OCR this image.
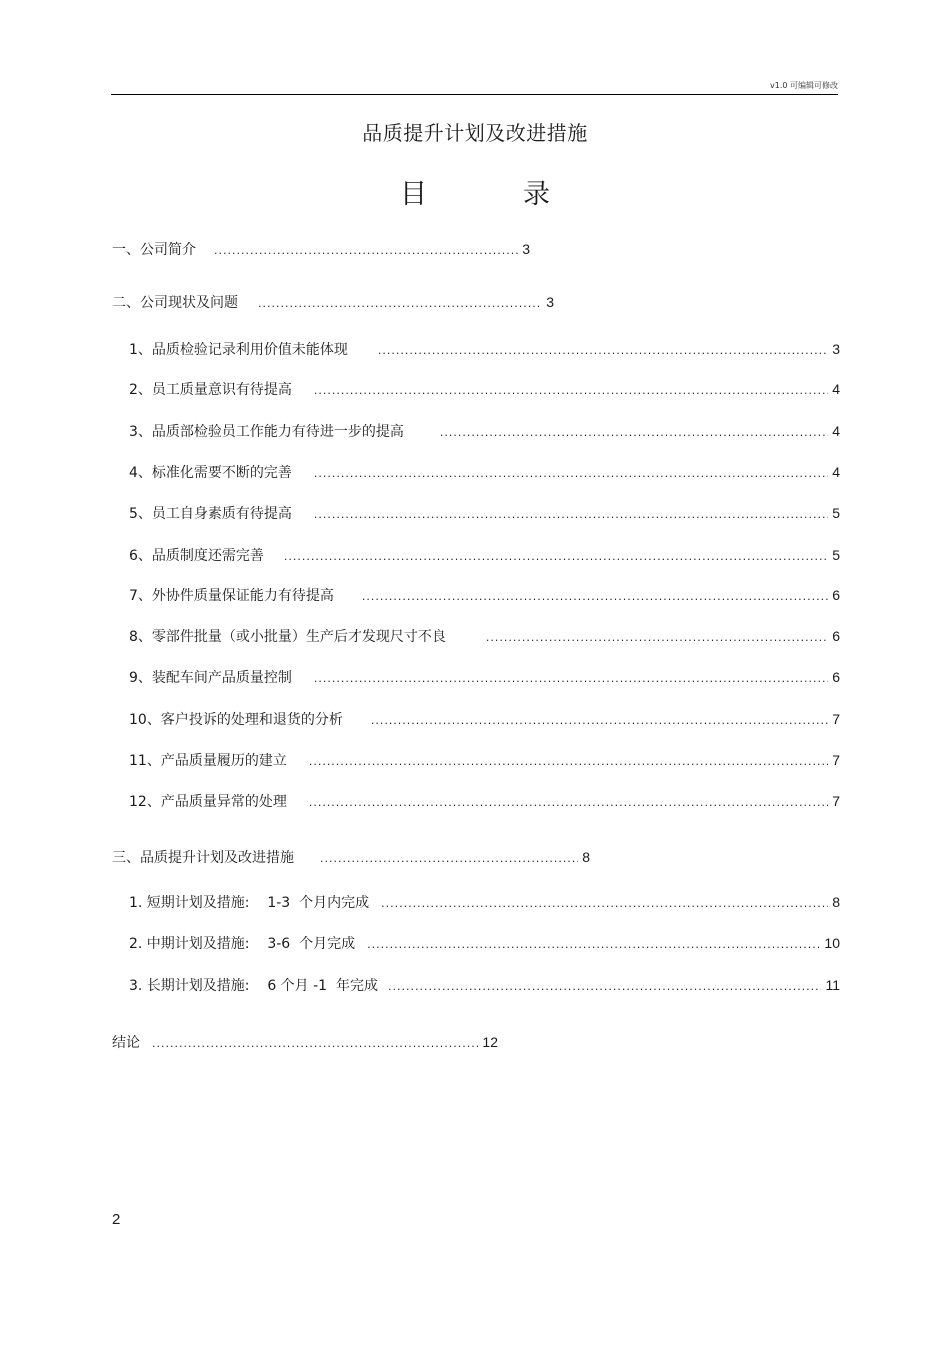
v1.0 可编辑可修改
品质提升计划及改进措施
目	录
一、公司简介 .....	3
二、公司现状及问题 .....	3
1、品质检验记录利用价值未能体现 .....	3
2、员工质量意识有待提高 .....	4
3、品质部检验员工作能力有待进一步的提高 .....	4
4、标准化需要不断的完善 .....	4
5、员工自身素质有待提高 .....	5
6、品质制度还需完善 .....	5
7、外协件质量保证能力有待提高 .....	6
8、零部件批量（或小批量）生产后才发现尺寸不良 .....	6
9、装配车间产品质量控制 .....	6
10、客户投诉的处理和退货的分析 .....	7
11、产品质量履历的建立 .....	7
12、产品质量异常的处理 .....	7
三、品质提升计划及改进措施 .....	8
1. 短期计划及措施:    1-3  个月内完成 .....	8
2. 中期计划及措施:    3-6  个月完成 .....	10
3. 长期计划及措施:    6 个月 -1  年完成 .....	11
结论 .....	12
2
